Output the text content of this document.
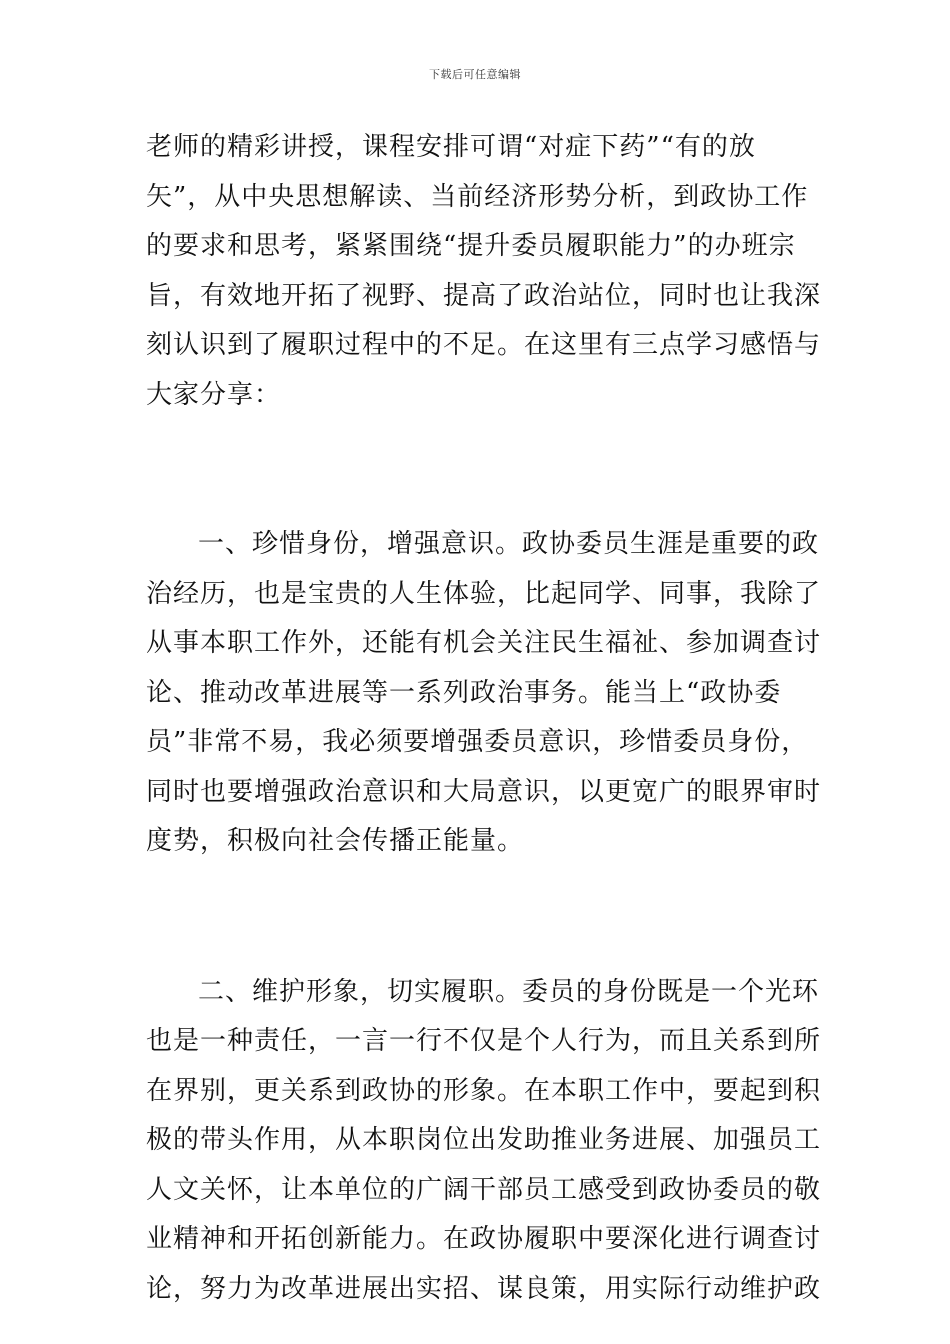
下载后可任意编辑
老师的精彩讲授，课程安排可谓“对症下药”“有的放
矢”，从中央思想解读、当前经济形势分析，到政协工作
的要求和思考，紧紧围绕“提升委员履职能力”的办班宗
旨，有效地开拓了视野、提高了政治站位，同时也让我深
刻认识到了履职过程中的不足。在这里有三点学习感悟与
大家分享：
一、珍惜身份，增强意识。政协委员生涯是重要的政
治经历，也是宝贵的人生体验，比起同学、同事，我除了
从事本职工作外，还能有机会关注民生福祉、参加调查讨
论、推动改革进展等一系列政治事务。能当上“政协委
员”非常不易，我必须要增强委员意识，珍惜委员身份，
同时也要增强政治意识和大局意识，以更宽广的眼界审时
度势，积极向社会传播正能量。
二、维护形象，切实履职。委员的身份既是一个光环
也是一种责任，一言一行不仅是个人行为，而且关系到所
在界别，更关系到政协的形象。在本职工作中，要起到积
极的带头作用，从本职岗位出发助推业务进展、加强员工
人文关怀，让本单位的广阔干部员工感受到政协委员的敬
业精神和开拓创新能力。在政协履职中要深化进行调查讨
论，努力为改革进展出实招、谋良策，用实际行动维护政
